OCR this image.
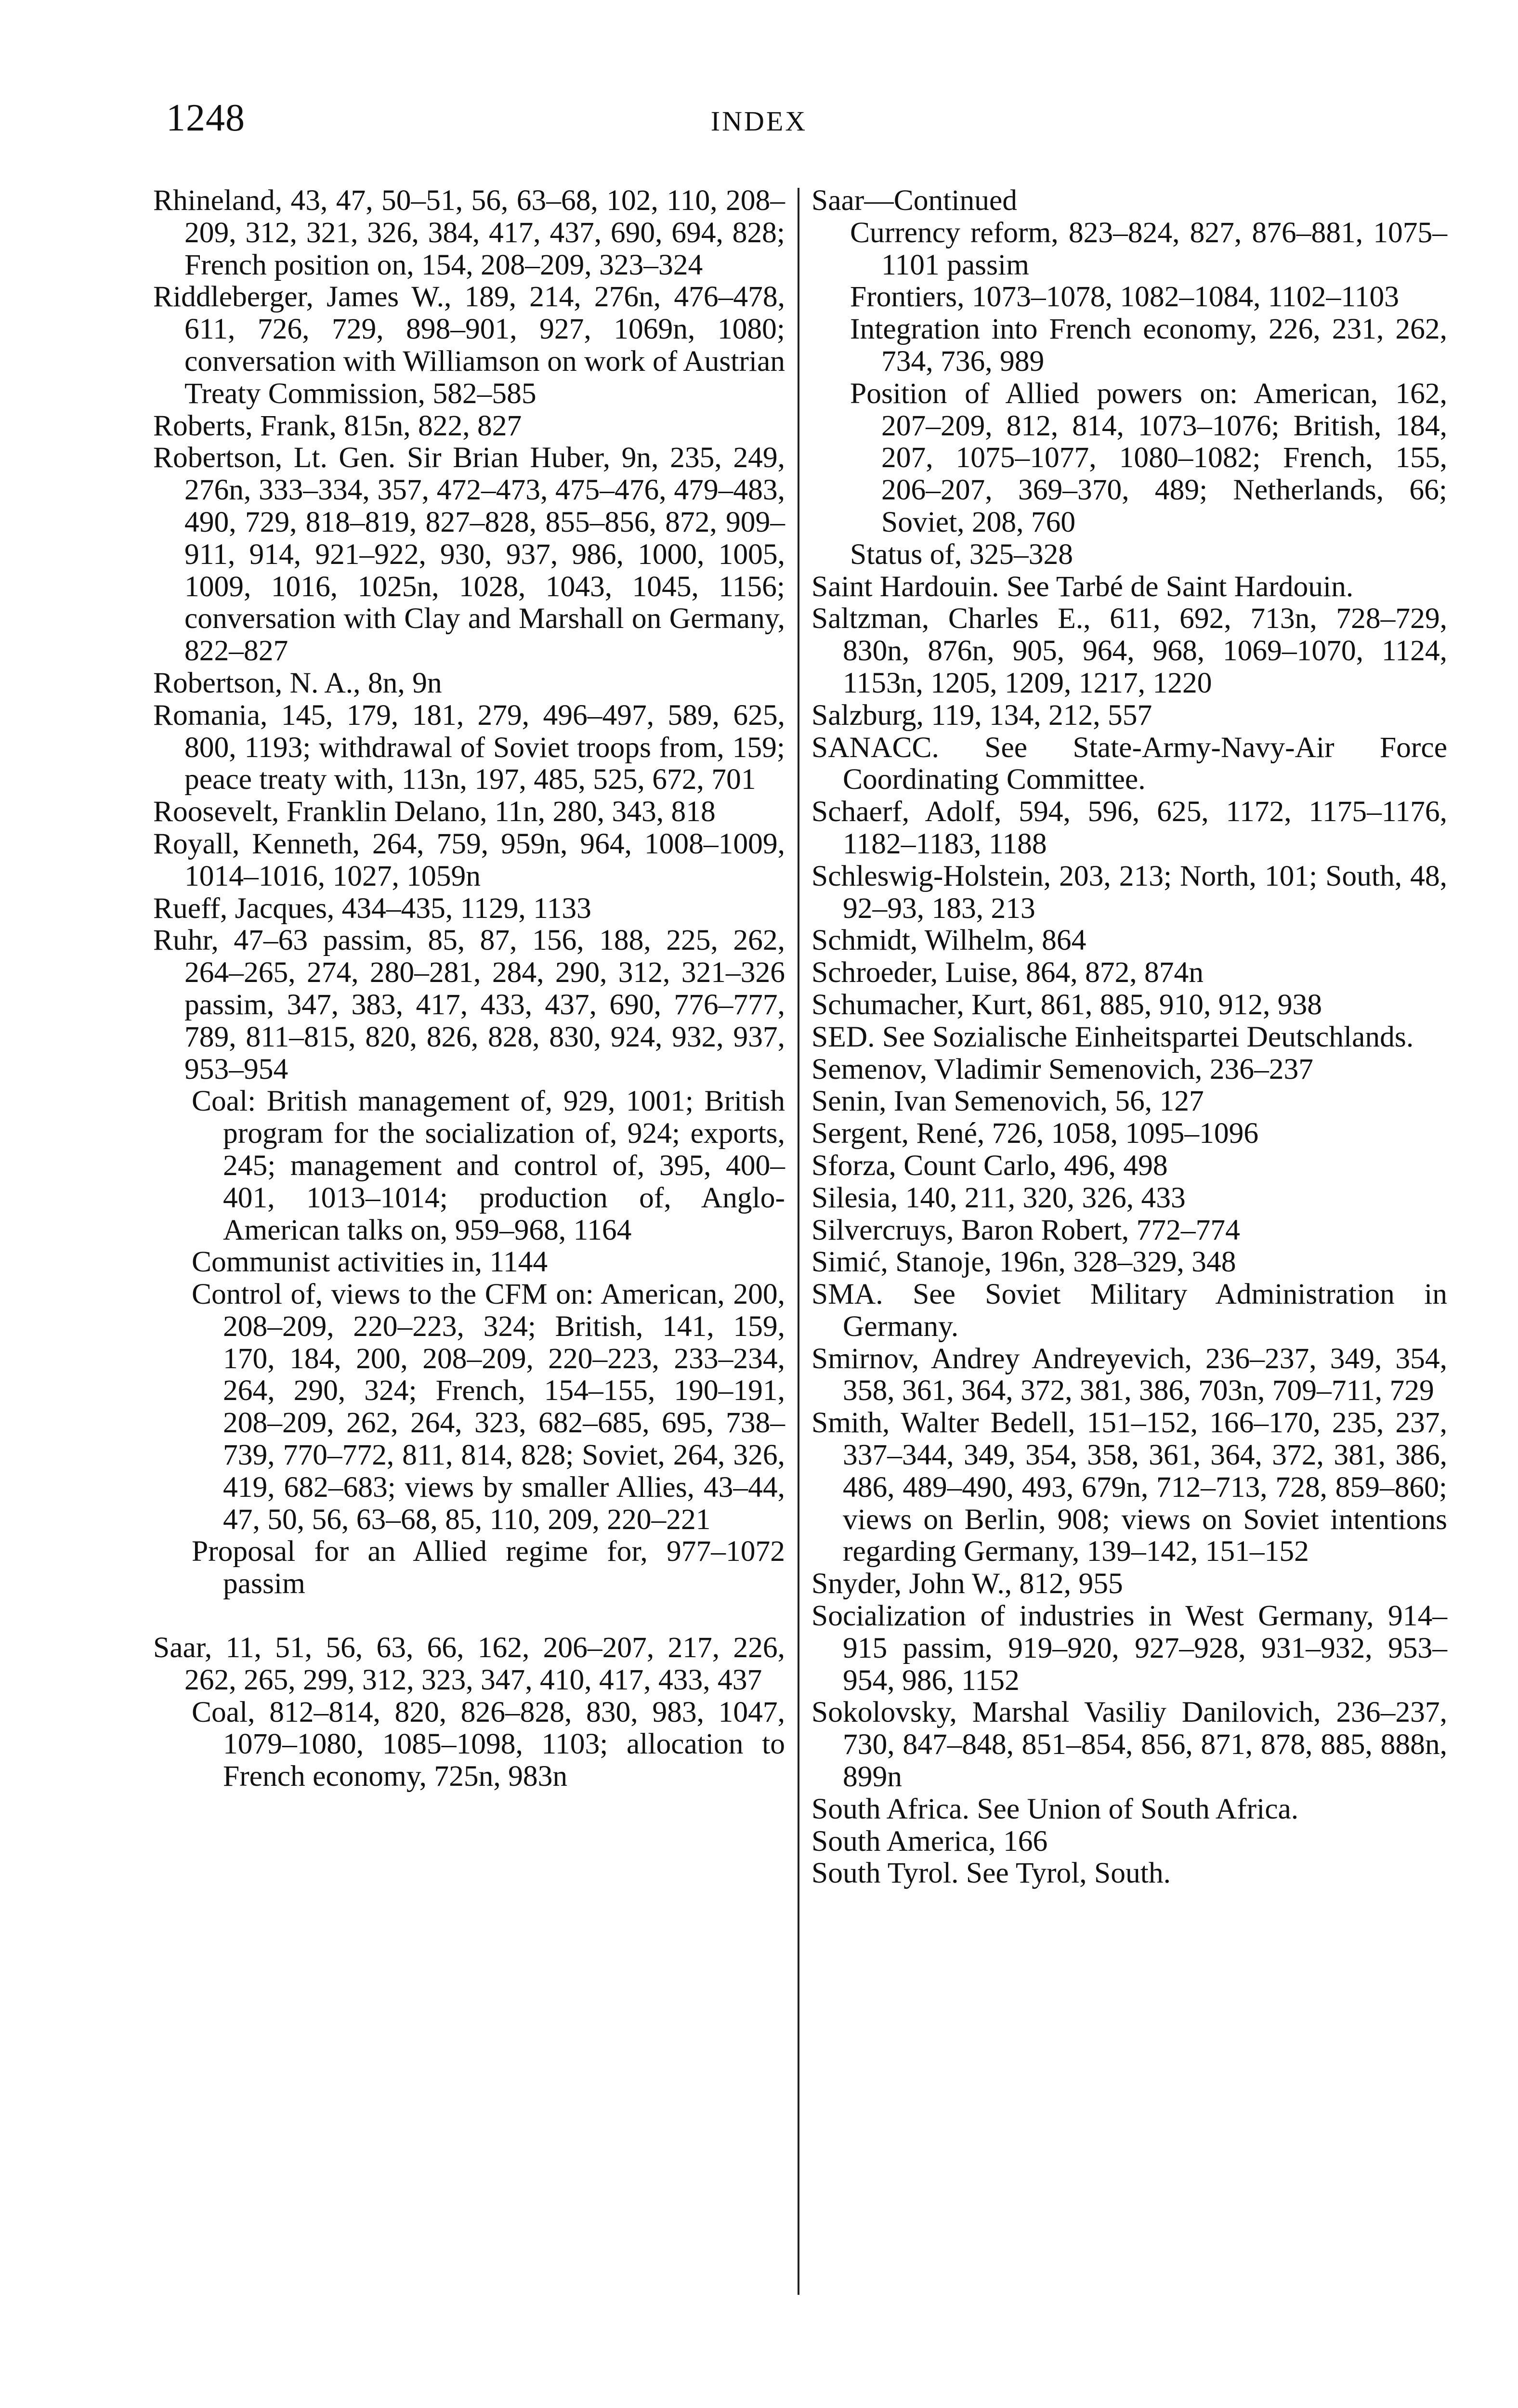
1248	INDEX
Rhineland, 43, 47, 50–51, 56, 63–68, 102, 110, 208–209, 312, 321, 326, 384, 417, 437, 690, 694, 828; French position on, 154, 208–209, 323–324
Riddleberger, James W., 189, 214, 276n, 476–478, 611, 726, 729, 898–901, 927, 1069n, 1080; conversation with Williamson on work of Austrian Treaty Commission, 582–585
Roberts, Frank, 815n, 822, 827
Robertson, Lt. Gen. Sir Brian Huber, 9n, 235, 249, 276n, 333–334, 357, 472–473, 475–476, 479–483, 490, 729, 818–819, 827–828, 855–856, 872, 909–911, 914, 921–922, 930, 937, 986, 1000, 1005, 1009, 1016, 1025n, 1028, 1043, 1045, 1156; conversation with Clay and Marshall on Germany, 822–827
Robertson, N. A., 8n, 9n
Romania, 145, 179, 181, 279, 496–497, 589, 625, 800, 1193; withdrawal of Soviet troops from, 159; peace treaty with, 113n, 197, 485, 525, 672, 701
Roosevelt, Franklin Delano, 11n, 280, 343, 818
Royall, Kenneth, 264, 759, 959n, 964, 1008–1009, 1014–1016, 1027, 1059n
Rueff, Jacques, 434–435, 1129, 1133
Ruhr, 47–63 passim, 85, 87, 156, 188, 225, 262, 264–265, 274, 280–281, 284, 290, 312, 321–326 passim, 347, 383, 417, 433, 437, 690, 776–777, 789, 811–815, 820, 826, 828, 830, 924, 932, 937, 953–954
Coal: British management of, 929, 1001; British program for the socialization of, 924; exports, 245; management and control of, 395, 400–401, 1013–1014; production of, Anglo-American talks on, 959–968, 1164
Communist activities in, 1144
Control of, views to the CFM on: American, 200, 208–209, 220–223, 324; British, 141, 159, 170, 184, 200, 208–209, 220–223, 233–234, 264, 290, 324; French, 154–155, 190–191, 208–209, 262, 264, 323, 682–685, 695, 738–739, 770–772, 811, 814, 828; Soviet, 264, 326, 419, 682–683; views by smaller Allies, 43–44, 47, 50, 56, 63–68, 85, 110, 209, 220–221
Proposal for an Allied regime for, 977–1072 passim
Saar, 11, 51, 56, 63, 66, 162, 206–207, 217, 226, 262, 265, 299, 312, 323, 347, 410, 417, 433, 437
Coal, 812–814, 820, 826–828, 830, 983, 1047, 1079–1080, 1085–1098, 1103; allocation to French economy, 725n, 983n
Saar—Continued
Currency reform, 823–824, 827, 876–881, 1075–1101 passim
Frontiers, 1073–1078, 1082–1084, 1102–1103
Integration into French economy, 226, 231, 262, 734, 736, 989
Position of Allied powers on: American, 162, 207–209, 812, 814, 1073–1076; British, 184, 207, 1075–1077, 1080–1082; French, 155, 206–207, 369–370, 489; Netherlands, 66; Soviet, 208, 760
Status of, 325–328
Saint Hardouin. See Tarbé de Saint Hardouin.
Saltzman, Charles E., 611, 692, 713n, 728–729, 830n, 876n, 905, 964, 968, 1069–1070, 1124, 1153n, 1205, 1209, 1217, 1220
Salzburg, 119, 134, 212, 557
SANACC. See State-Army-Navy-Air Force Coordinating Committee.
Schaerf, Adolf, 594, 596, 625, 1172, 1175–1176, 1182–1183, 1188
Schleswig-Holstein, 203, 213; North, 101; South, 48, 92–93, 183, 213
Schmidt, Wilhelm, 864
Schroeder, Luise, 864, 872, 874n
Schumacher, Kurt, 861, 885, 910, 912, 938
SED. See Sozialische Einheitspartei Deutschlands.
Semenov, Vladimir Semenovich, 236–237
Senin, Ivan Semenovich, 56, 127
Sergent, René, 726, 1058, 1095–1096
Sforza, Count Carlo, 496, 498
Silesia, 140, 211, 320, 326, 433
Silvercruys, Baron Robert, 772–774
Simić, Stanoje, 196n, 328–329, 348
SMA. See Soviet Military Administration in Germany.
Smirnov, Andrey Andreyevich, 236–237, 349, 354, 358, 361, 364, 372, 381, 386, 703n, 709–711, 729
Smith, Walter Bedell, 151–152, 166–170, 235, 237, 337–344, 349, 354, 358, 361, 364, 372, 381, 386, 486, 489–490, 493, 679n, 712–713, 728, 859–860; views on Berlin, 908; views on Soviet intentions regarding Germany, 139–142, 151–152
Snyder, John W., 812, 955
Socialization of industries in West Germany, 914–915 passim, 919–920, 927–928, 931–932, 953–954, 986, 1152
Sokolovsky, Marshal Vasiliy Danilovich, 236–237, 730, 847–848, 851–854, 856, 871, 878, 885, 888n, 899n
South Africa. See Union of South Africa.
South America, 166
South Tyrol. See Tyrol, South.
